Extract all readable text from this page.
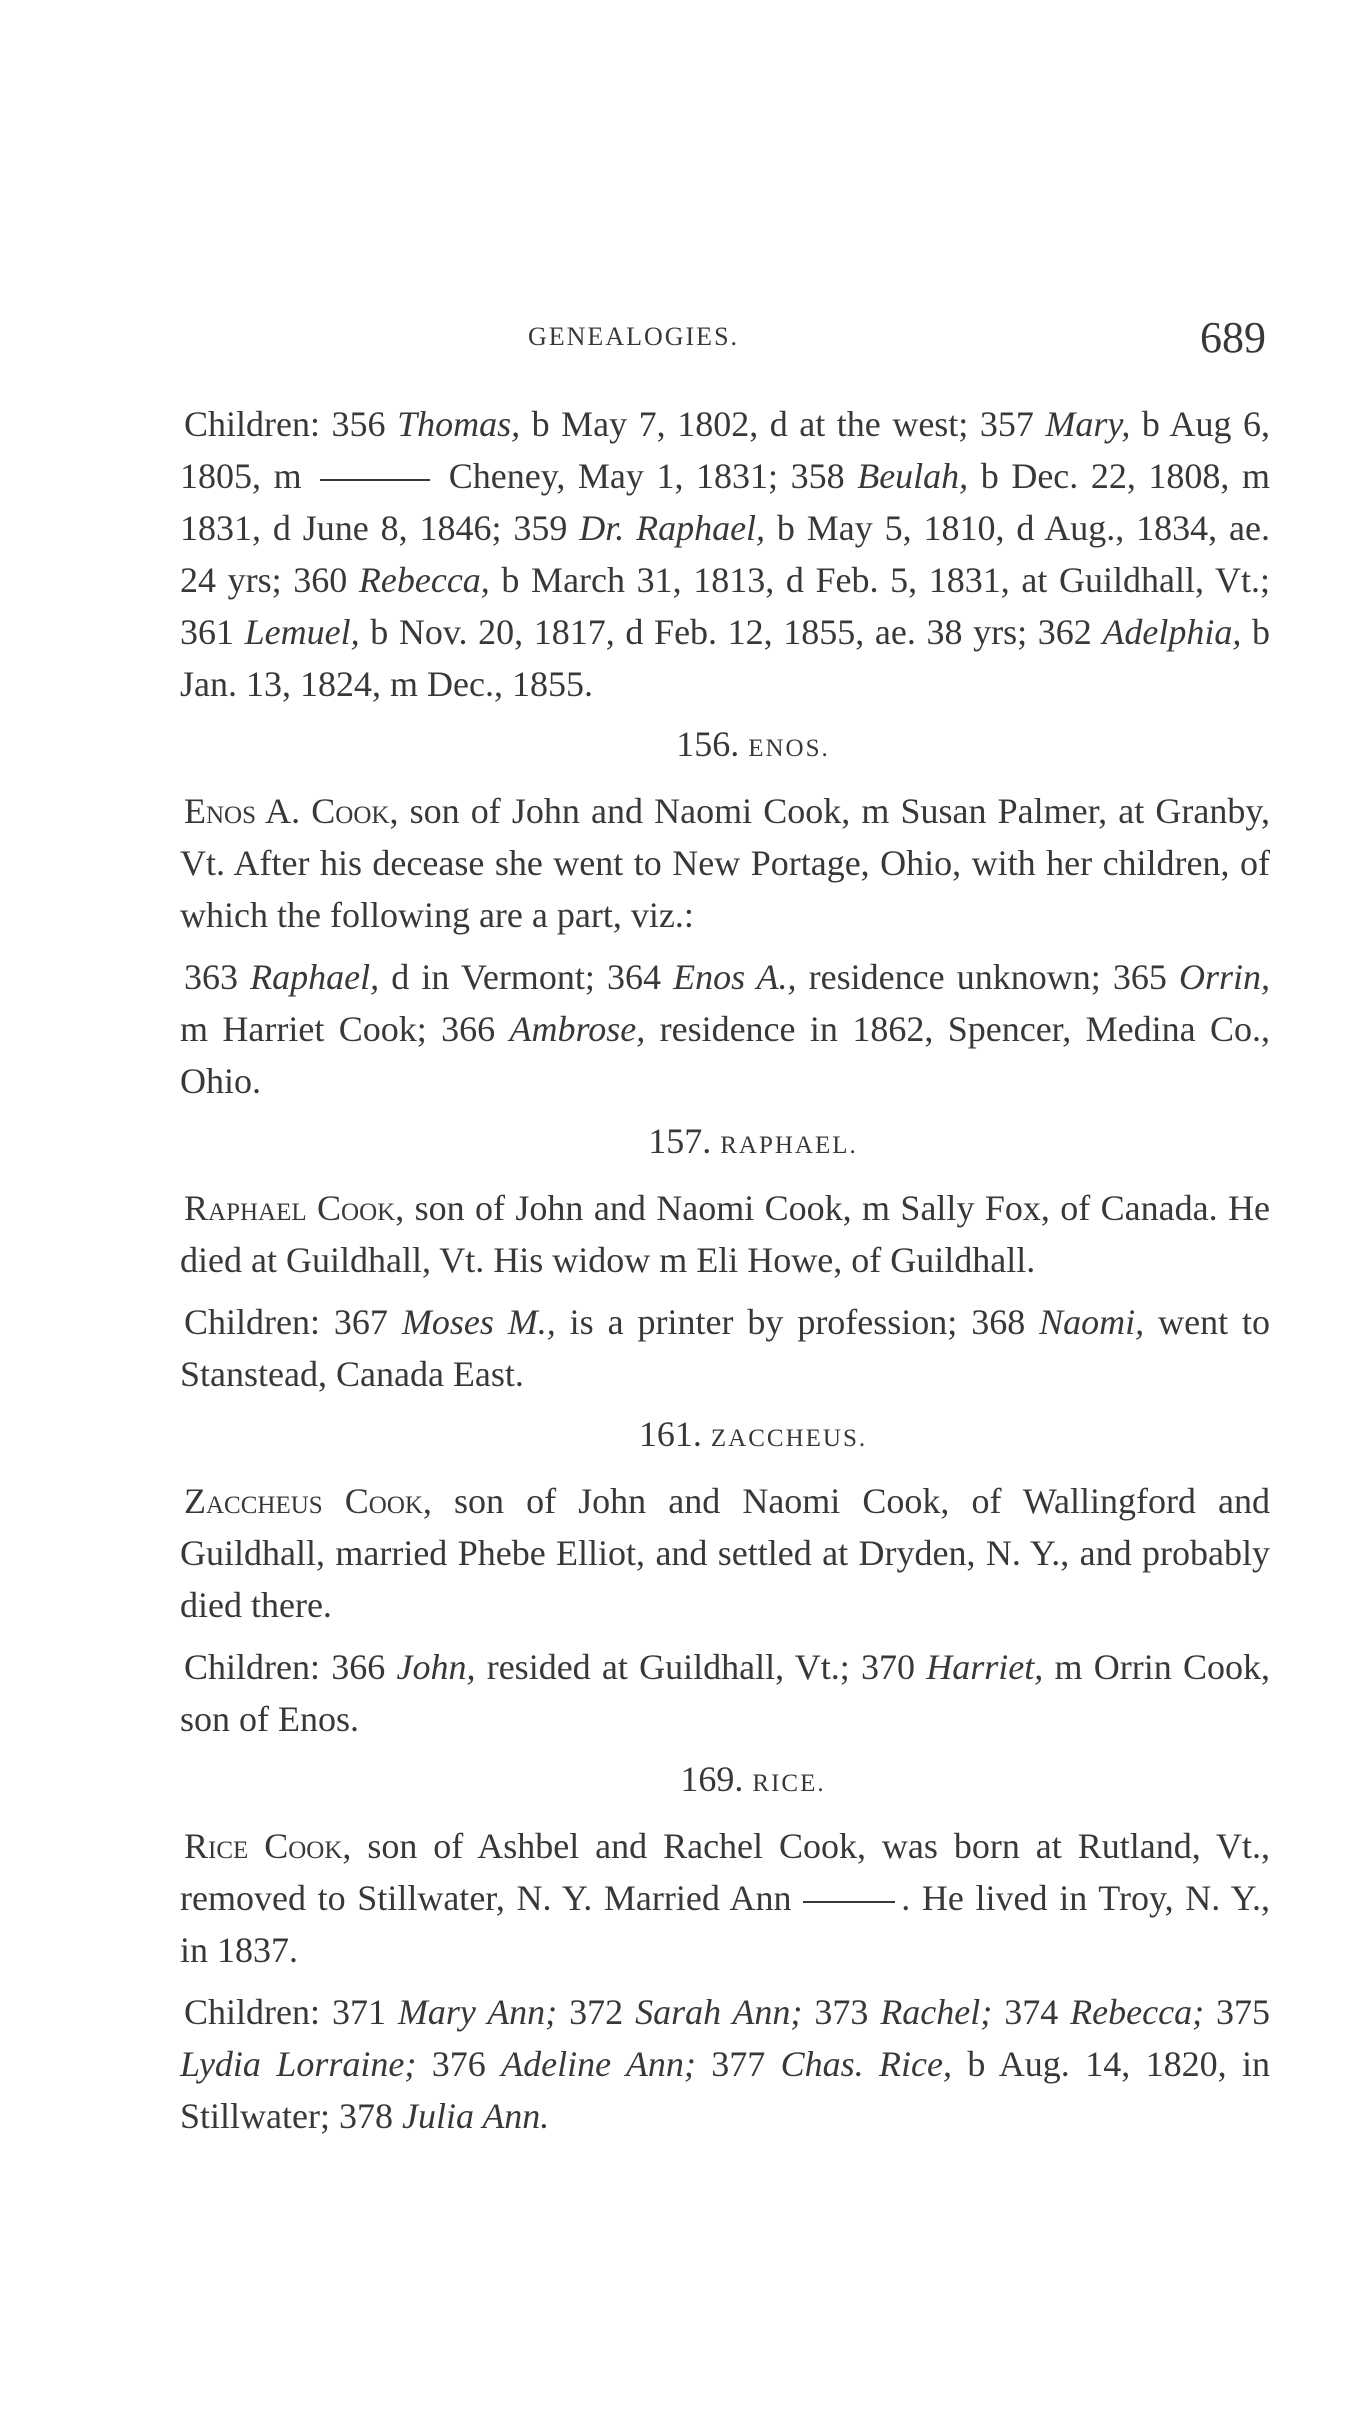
GENEALOGIES.	689

Children: 356 Thomas, b May 7, 1802, d at the west; 357 Mary, b Aug 6, 1805, m	Cheney, May 1, 1831; 358 Beulah, b Dec. 22, 1808, m 1831, d June 8, 1846; 359 Dr. Raphael, b May 5, 1810, d Aug., 1834, ae. 24 yrs; 360 Rebecca, b March 31, 1813, d Feb. 5, 1831, at Guildhall, Vt.; 361 Lemuel, b Nov. 20, 1817, d Feb. 12, 1855, ae. 38 yrs; 362 Adelphia, b Jan. 13, 1824, m Dec., 1855.

156. ENOS.

Enos A. Cook, son of John and Naomi Cook, m Susan Palmer, at Granby, Vt. After his decease she went to New Portage, Ohio, with her children, of which the following are a part, viz.:

363 Raphael, d in Vermont; 364 Enos A., residence unknown; 365 Orrin, m Harriet Cook; 366 Ambrose, residence in 1862, Spencer, Medina Co., Ohio.

157. RAPHAEL.

Raphael Cook, son of John and Naomi Cook, m Sally Fox, of Canada. He died at Guildhall, Vt. His widow m Eli Howe, of Guildhall.

Children: 367 Moses M., is a printer by profession; 368 Naomi, went to Stanstead, Canada East.

161. ZACCHEUS.

Zaccheus Cook, son of John and Naomi Cook, of Wallingford and Guildhall, married Phebe Elliot, and settled at Dryden, N. Y., and probably died there.

Children: 366 John, resided at Guildhall, Vt.; 370 Harriet, m Orrin Cook, son of Enos.

169. RICE.

Rice Cook, son of Ashbel and Rachel Cook, was born at Rutland, Vt., removed to Stillwater, N. Y. Married Ann	. He lived in Troy, N. Y., in 1837.

Children: 371 Mary Ann; 372 Sarah Ann; 373 Rachel; 374 Rebecca; 375 Lydia Lorraine; 376 Adeline Ann; 377 Chas. Rice, b Aug. 14, 1820, in Stillwater; 378 Julia Ann.
